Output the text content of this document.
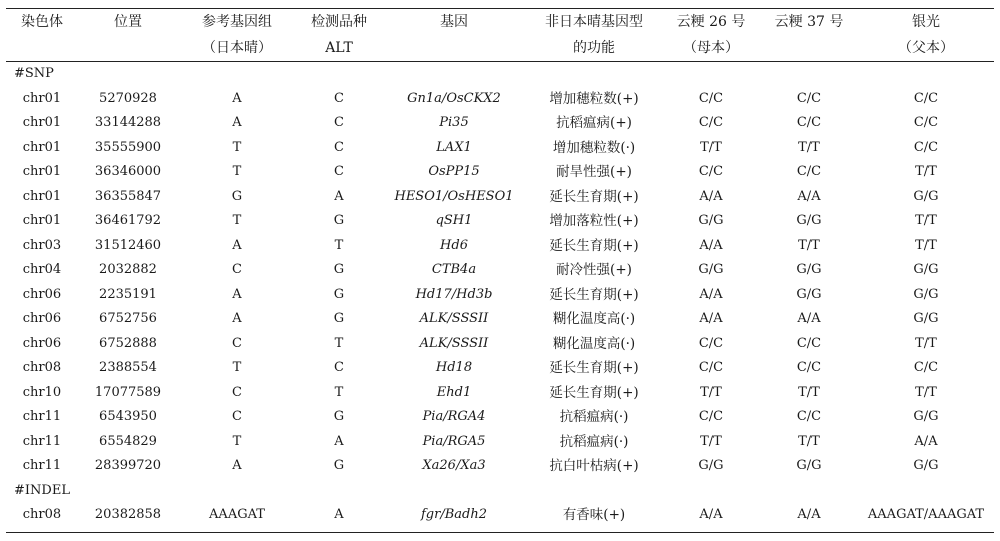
染色体	位置	参考基因组	检测品种	基因	非日本晴基因型	云粳 26 号	云粳 37 号	银光
		（日本晴）	ALT		的功能	（母本）		（父本）
#SNP								
chr01	5270928	A	C	Gn1a/OsCKX2	增加穗粒数(+)	C/C	C/C	C/C
chr01	33144288	A	C	Pi35	抗稻瘟病(+)	C/C	C/C	C/C
chr01	35555900	T	C	LAX1	增加穗粒数(·)	T/T	T/T	C/C
chr01	36346000	T	C	OsPP15	耐旱性强(+)	C/C	C/C	T/T
chr01	36355847	G	A	HESO1/OsHESO1	延长生育期(+)	A/A	A/A	G/G
chr01	36461792	T	G	qSH1	增加落粒性(+)	G/G	G/G	T/T
chr03	31512460	A	T	Hd6	延长生育期(+)	A/A	T/T	T/T
chr04	2032882	C	G	CTB4a	耐冷性强(+)	G/G	G/G	G/G
chr06	2235191	A	G	Hd17/Hd3b	延长生育期(+)	A/A	G/G	G/G
chr06	6752756	A	G	ALK/SSSII	糊化温度高(·)	A/A	A/A	G/G
chr06	6752888	C	T	ALK/SSSII	糊化温度高(·)	C/C	C/C	T/T
chr08	2388554	T	C	Hd18	延长生育期(+)	C/C	C/C	C/C
chr10	17077589	C	T	Ehd1	延长生育期(+)	T/T	T/T	T/T
chr11	6543950	C	G	Pia/RGA4	抗稻瘟病(·)	C/C	C/C	G/G
chr11	6554829	T	A	Pia/RGA5	抗稻瘟病(·)	T/T	T/T	A/A
chr11	28399720	A	G	Xa26/Xa3	抗白叶枯病(+)	G/G	G/G	G/G
#INDEL								
chr08	20382858	AAAGAT	A	fgr/Badh2	有香味(+)	A/A	A/A	AAAGAT/AAAGAT
